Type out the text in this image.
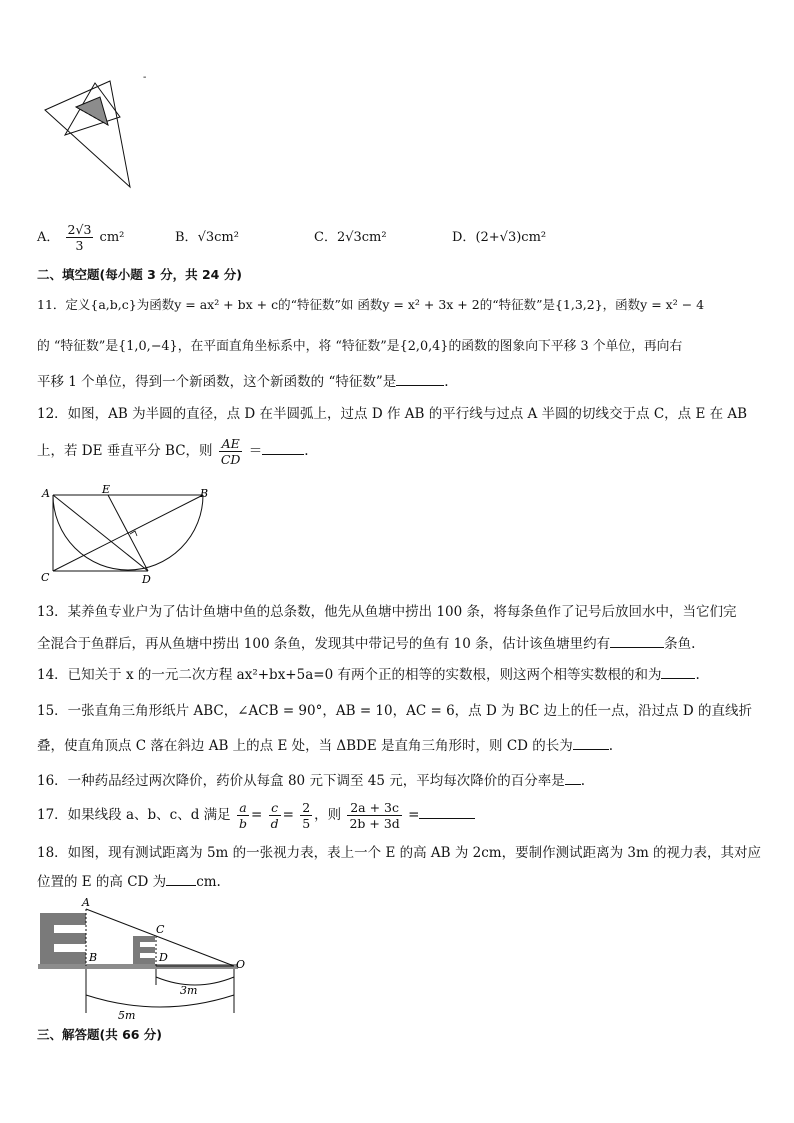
-
A． $\frac{2√3}{3} cm^2$	B．√3cm²	C．2√3cm²	D．(2+√3)cm²
二、填空题(每小题 3 分，共 24 分)
11．定义{a,b,c}为函数y = ax² + bx + c的“特征数”如 函数y = x² + 3x + 2的“特征数”是{1,3,2}，函数y = x² − 4
的 “特征数”是{1,0,−4}，在平面直角坐标系中，将 “特征数”是{2,0,4}的函数的图象向下平移 3 个单位，再向右
平移 1 个单位，得到一个新函数，这个新函数的 “特征数”是	.
12．如图，AB 为半圆的直径，点 D 在半圆弧上，过点 D 作 AB 的平行线与过点 A 半圆的切线交于点 C，点 E 在 AB
上，若 DE 垂直平分 BC，则 $\frac{AE}{CD}$ ＝	.
A	E	B
C	D
13．某养鱼专业户为了估计鱼塘中鱼的总条数，他先从鱼塘中捞出 100 条，将每条鱼作了记号后放回水中，当它们完
全混合于鱼群后，再从鱼塘中捞出 100 条鱼，发现其中带记号的鱼有 10 条，估计该鱼塘里约有	条鱼.
14．已知关于 x 的一元二次方程 ax²+bx+5a=0 有两个正的相等的实数根，则这两个相等实数根的和为	.
15．一张直角三角形纸片 ABC，∠ACB = 90°，AB = 10，AC = 6，点 D 为 BC 边上的任一点，沿过点 D 的直线折
叠，使直角顶点 C 落在斜边 AB 上的点 E 处，当 ΔBDE 是直角三角形时，则 CD 的长为	.
16．一种药品经过两次降价，药价从每盒 80 元下调至 45 元，平均每次降价的百分率是 .
17．如果线段 a、b、c、d 满足 $\frac{a}{b} = \frac{c}{d} = \frac{2}{5}$ ，则 $\frac{2a + 3c}{2b + 3d}$ =
18．如图，现有测试距离为 5m 的一张视力表，表上一个 E 的高 AB 为 2cm，要制作测试距离为 3m 的视力表，其对应
位置的 E 的高 CD 为 cm.
A
B
C
D
O
3m
5m
三、解答题(共 66 分)
